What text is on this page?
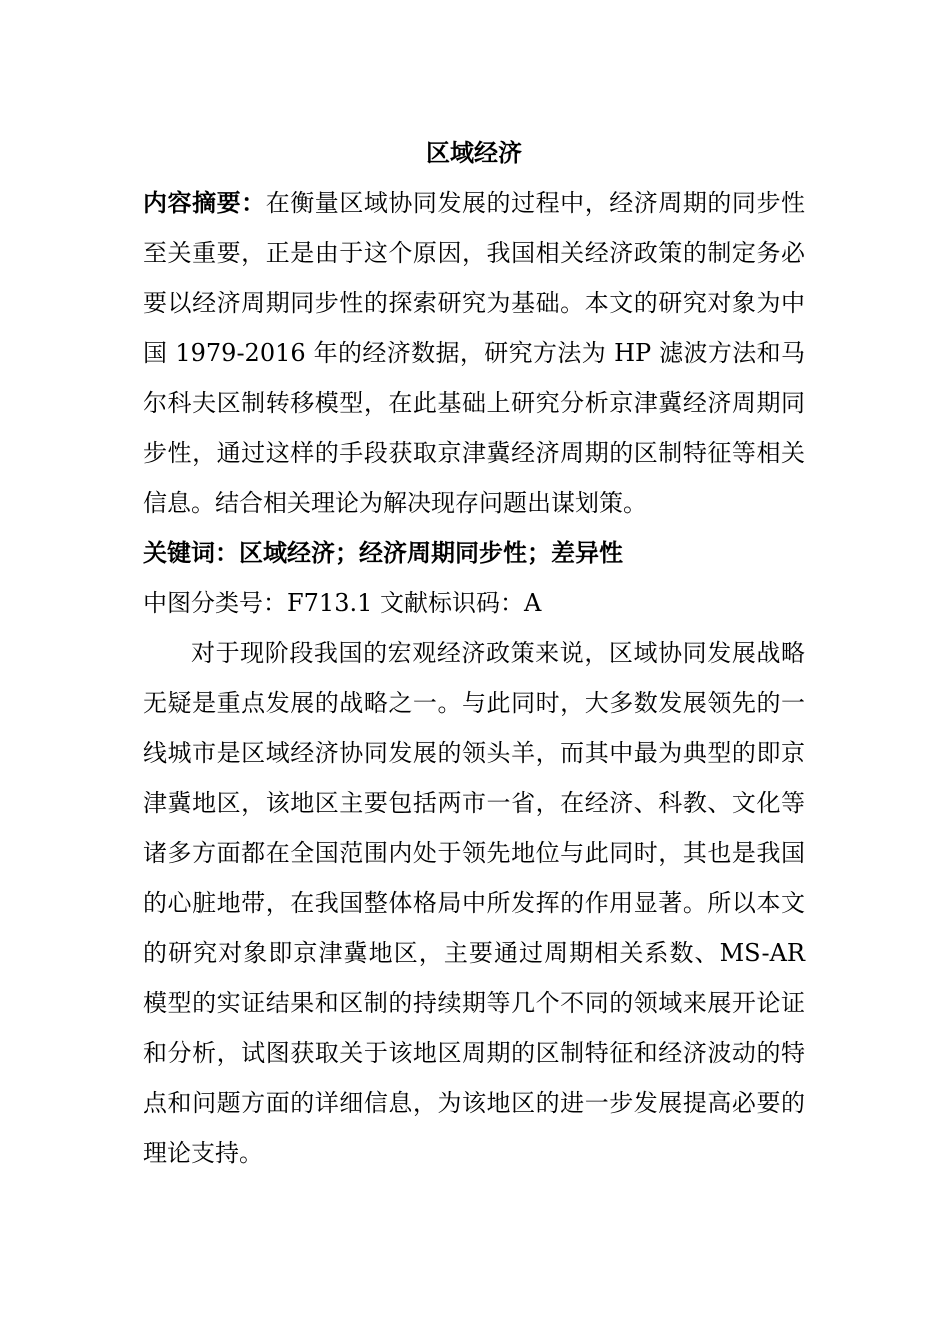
区域经济

内容摘要：在衡量区域协同发展的过程中，经济周期的同步性至关重要，正是由于这个原因，我国相关经济政策的制定务必要以经济周期同步性的探索研究为基础。本文的研究对象为中国 1979-2016 年的经济数据，研究方法为 HP 滤波方法和马尔科夫区制转移模型，在此基础上研究分析京津冀经济周期同步性，通过这样的手段获取京津冀经济周期的区制特征等相关信息。结合相关理论为解决现存问题出谋划策。

关键词：区域经济；经济周期同步性；差异性

中图分类号：F713.1 文献标识码：A

对于现阶段我国的宏观经济政策来说，区域协同发展战略无疑是重点发展的战略之一。与此同时，大多数发展领先的一线城市是区域经济协同发展的领头羊，而其中最为典型的即京津冀地区，该地区主要包括两市一省，在经济、科教、文化等诸多方面都在全国范围内处于领先地位与此同时，其也是我国的心脏地带，在我国整体格局中所发挥的作用显著。所以本文的研究对象即京津冀地区，主要通过周期相关系数、MS-AR 模型的实证结果和区制的持续期等几个不同的领域来展开论证和分析，试图获取关于该地区周期的区制特征和经济波动的特点和问题方面的详细信息，为该地区的进一步发展提高必要的理论支持。
